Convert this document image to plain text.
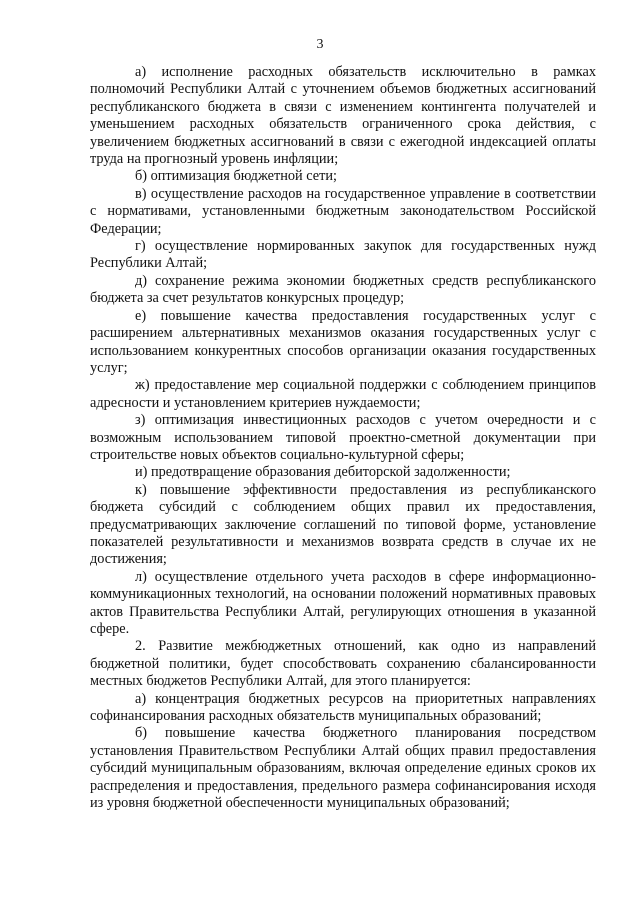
3

а) исполнение расходных обязательств исключительно в рамках полномочий Республики Алтай с уточнением объемов бюджетных ассигнований республиканского бюджета в связи с изменением контингента получателей и уменьшением расходных обязательств ограниченного срока действия, с увеличением бюджетных ассигнований в связи с ежегодной индексацией оплаты труда на прогнозный уровень инфляции;

б) оптимизация бюджетной сети;

в) осуществление расходов на государственное управление в соответствии с нормативами, установленными бюджетным законодательством Российской Федерации;

г) осуществление нормированных закупок для государственных нужд Республики Алтай;

д) сохранение режима экономии бюджетных средств республиканского бюджета за счет результатов конкурсных процедур;

е) повышение качества предоставления государственных услуг с расширением альтернативных механизмов оказания государственных услуг с использованием конкурентных способов организации оказания государственных услуг;

ж) предоставление мер социальной поддержки с соблюдением принципов адресности и установлением критериев нуждаемости;

з) оптимизация инвестиционных расходов с учетом очередности и с возможным использованием типовой проектно-сметной документации при строительстве новых объектов социально-культурной сферы;

и) предотвращение образования дебиторской задолженности;

к) повышение эффективности предоставления из республиканского бюджета субсидий с соблюдением общих правил их предоставления, предусматривающих заключение соглашений по типовой форме, установление показателей результативности и механизмов возврата средств в случае их не достижения;

л) осуществление отдельного учета расходов в сфере информационно-коммуникационных технологий, на основании положений нормативных правовых актов Правительства Республики Алтай, регулирующих отношения в указанной сфере.

2. Развитие межбюджетных отношений, как одно из направлений бюджетной политики, будет способствовать сохранению сбалансированности местных бюджетов Республики Алтай, для этого планируется:

а) концентрация бюджетных ресурсов на приоритетных направлениях софинансирования расходных обязательств муниципальных образований;

б) повышение качества бюджетного планирования посредством установления Правительством Республики Алтай общих правил предоставления субсидий муниципальным образованиям, включая определение единых сроков их распределения и предоставления, предельного размера софинансирования исходя из уровня бюджетной обеспеченности муниципальных образований;
